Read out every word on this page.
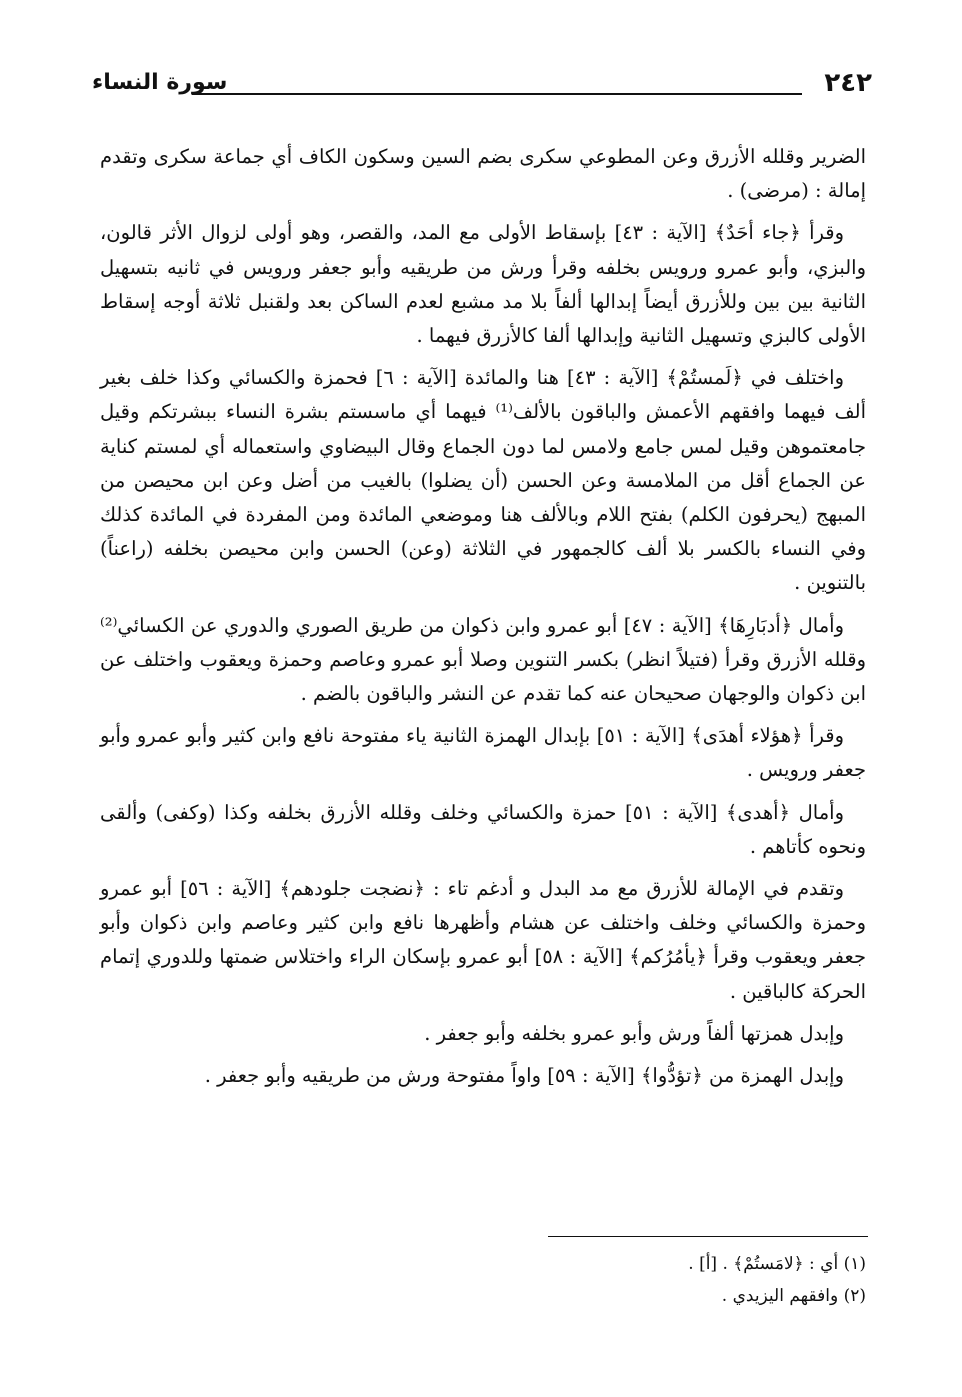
٢٤٢
سورة النساء

الضرير وقلله الأزرق وعن المطوعي سكرى بضم السين وسكون الكاف أي جماعة سكرى وتقدم إمالة : (مرضى) .

وقرأ ﴿جاء أحَدٌ﴾ [الآية : ٤٣] بإسقاط الأولى مع المد، والقصر، وهو أولى لزوال الأثر قالون، والبزي، وأبو عمرو ورويس بخلفه وقرأ ورش من طريقيه وأبو جعفر ورويس في ثانيه بتسهيل الثانية بين بين وللأزرق أيضاً إبدالها ألفاً بلا مد مشبع لعدم الساكن بعد ولقنبل ثلاثة أوجه إسقاط الأولى كالبزي وتسهيل الثانية وإبدالها ألفا كالأزرق فيهما .

واختلف في ﴿لَمستُمْ﴾ [الآية : ٤٣] هنا والمائدة [الآية : ٦] فحمزة والكسائي وكذا خلف بغير ألف فيهما وافقهم الأعمش والباقون بالألف⁽¹⁾ فيهما أي ماسستم بشرة النساء ببشرتكم وقيل جامعتموهن وقيل لمس جامع ولامس لما دون الجماع وقال البيضاوي واستعماله أي لمستم كناية عن الجماع أقل من الملامسة وعن الحسن (أن يضلوا) بالغيب من أضل وعن ابن محيصن من المبهج (يحرفون الكلم) بفتح اللام وبالألف هنا وموضعي المائدة ومن المفردة في المائدة كذلك وفي النساء بالكسر بلا ألف كالجمهور في الثلاثة (وعن) الحسن وابن محيصن بخلفه (راعناً) بالتنوين .

وأمال ﴿أدبَارِهَا﴾ [الآية : ٤٧] أبو عمرو وابن ذكوان من طريق الصوري والدوري عن الكسائي⁽²⁾ وقلله الأزرق وقرأ (فتيلاً انظر) بكسر التنوين وصلا أبو عمرو وعاصم وحمزة ويعقوب واختلف عن ابن ذكوان والوجهان صحيحان عنه كما تقدم عن النشر والباقون بالضم .

وقرأ ﴿هؤلاء أهدَى﴾ [الآية : ٥١] بإبدال الهمزة الثانية ياء مفتوحة نافع وابن كثير وأبو عمرو وأبو جعفر ورويس .

وأمال ﴿أهدى﴾ [الآية : ٥١] حمزة والكسائي وخلف وقلله الأزرق بخلفه وكذا (وكفى) وألقى ونحوه كأتاهم .

وتقدم في الإمالة للأزرق مع مد البدل و أدغم تاء : ﴿نضجت جلودهم﴾ [الآية : ٥٦] أبو عمرو وحمزة والكسائي وخلف واختلف عن هشام وأظهرها نافع وابن كثير وعاصم وابن ذكوان وأبو جعفر ويعقوب وقرأ ﴿يأمُرُكم﴾ [الآية : ٥٨] أبو عمرو بإسكان الراء واختلاس ضمتها وللدوري إتمام الحركة كالباقين .

وإبدل همزتها ألفاً ورش وأبو عمرو بخلفه وأبو جعفر .

وإبدل الهمزة من ﴿تؤدُّوا﴾ [الآية : ٥٩] واواً مفتوحة ورش من طريقيه وأبو جعفر .

(١) أي : ﴿لامَستُمْ﴾ . [أ] .
(٢) وافقهم اليزيدي .
